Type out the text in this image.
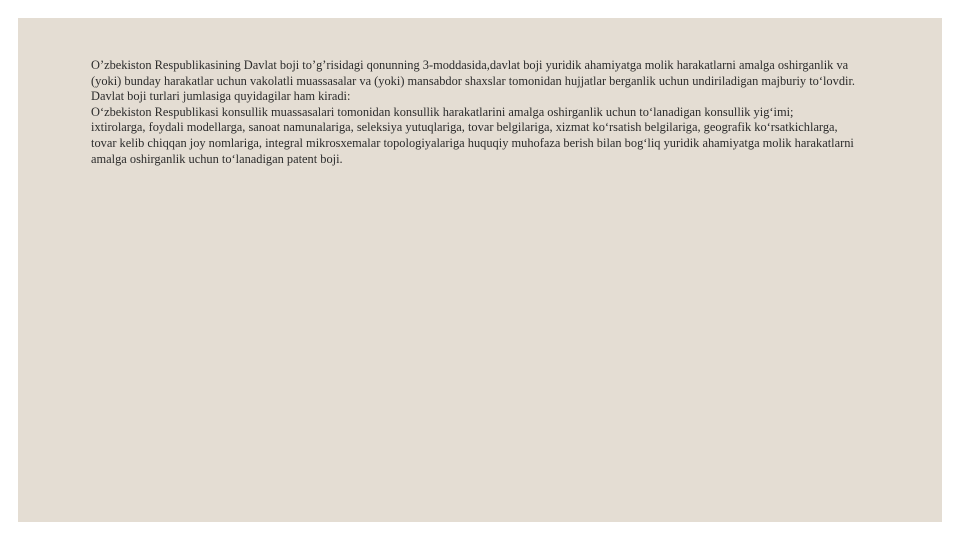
O’zbekiston Respublikasining Davlat boji to’g’risidagi qonunning 3-moddasida,davlat boji yuridik ahamiyatga molik harakatlarni amalga oshirganlik va (yoki) bunday harakatlar uchun vakolatli muassasalar va (yoki) mansabdor shaxslar tomonidan hujjatlar berganlik uchun undiriladigan majburiy to‘lovdir.

Davlat boji turlari jumlasiga quyidagilar ham kiradi:

O‘zbekiston Respublikasi konsullik muassasalari tomonidan konsullik harakatlarini amalga oshirganlik uchun to‘lanadigan konsullik yig‘imi;

ixtirolarga, foydali modellarga, sanoat namunalariga, seleksiya yutuqlariga, tovar belgilariga, xizmat ko‘rsatish belgilariga, geografik ko‘rsatkichlarga, tovar kelib chiqqan joy nomlariga, integral mikrosxemalar topologiyalariga huquqiy muhofaza berish bilan bog‘liq yuridik ahamiyatga molik harakatlarni amalga oshirganlik uchun to‘lanadigan patent boji.
